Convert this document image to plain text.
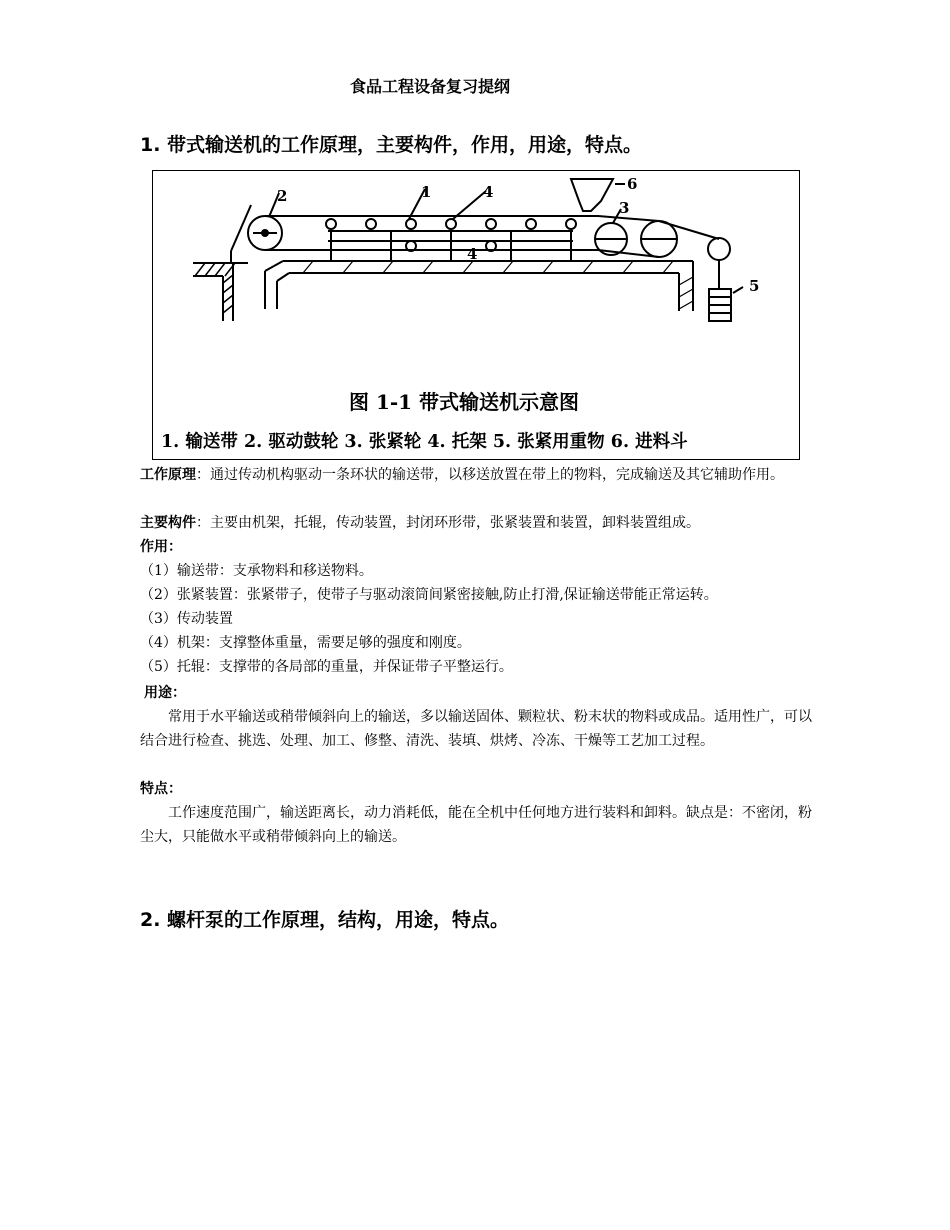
食品工程设备复习提纲
1. 带式输送机的工作原理，主要构件，作用，用途，特点。
2	1	4	6
3
4
5
图 1-1 带式输送机示意图
1. 输送带 2. 驱动鼓轮 3. 张紧轮 4. 托架 5. 张紧用重物 6. 进料斗

工作原理：通过传动机构驱动一条环状的输送带，以移送放置在带上的物料，完成输送及其它辅助作用。

主要构件：主要由机架，托辊，传动装置，封闭环形带，张紧装置和装置，卸料装置组成。

作用：

（1）输送带：支承物料和移送物料。

（2）张紧装置：张紧带子，使带子与驱动滚筒间紧密接触,防止打滑,保证输送带能正常运转。

（3）传动装置

（4）机架：支撑整体重量，需要足够的强度和刚度。

（5）托辊：支撑带的各局部的重量，并保证带子平整运行。

用途：

常用于水平输送或稍带倾斜向上的输送，多以输送固体、颗粒状、粉末状的物料或成品。适用性广，可以结合进行检查、挑选、处理、加工、修整、清洗、装填、烘烤、冷冻、干燥等工艺加工过程。

特点：

工作速度范围广，输送距离长，动力消耗低，能在全机中任何地方进行装料和卸料。缺点是：不密闭，粉尘大，只能做水平或稍带倾斜向上的输送。

2. 螺杆泵的工作原理，结构，用途，特点。
